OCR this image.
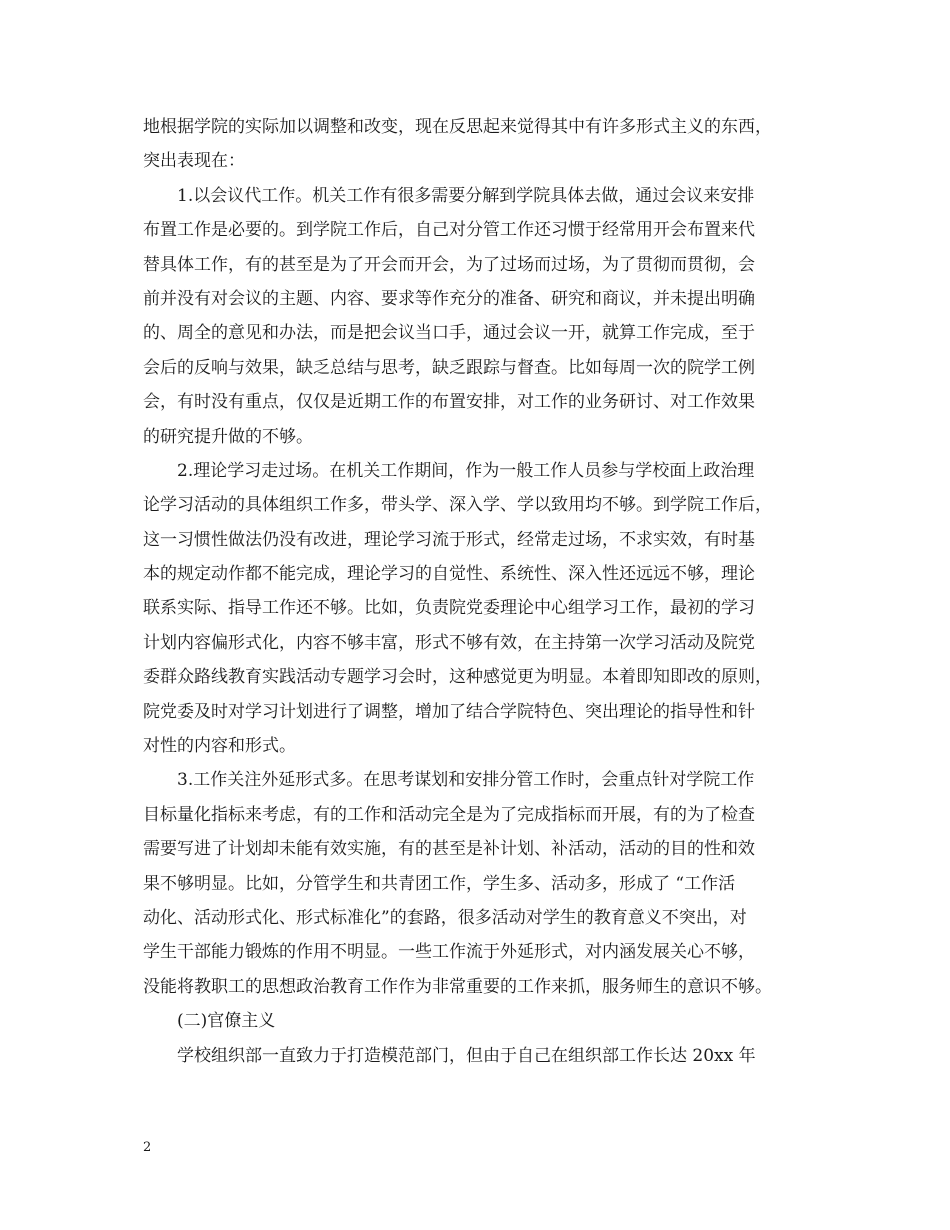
地根据学院的实际加以调整和改变，现在反思起来觉得其中有许多形式主义的东西，
突出表现在：
1.以会议代工作。机关工作有很多需要分解到学院具体去做，通过会议来安排
布置工作是必要的。到学院工作后，自己对分管工作还习惯于经常用开会布置来代
替具体工作，有的甚至是为了开会而开会，为了过场而过场，为了贯彻而贯彻，会
前并没有对会议的主题、内容、要求等作充分的准备、研究和商议，并未提出明确
的、周全的意见和办法，而是把会议当口手，通过会议一开，就算工作完成，至于
会后的反响与效果，缺乏总结与思考，缺乏跟踪与督查。比如每周一次的院学工例
会，有时没有重点，仅仅是近期工作的布置安排，对工作的业务研讨、对工作效果
的研究提升做的不够。
2.理论学习走过场。在机关工作期间，作为一般工作人员参与学校面上政治理
论学习活动的具体组织工作多，带头学、深入学、学以致用均不够。到学院工作后，
这一习惯性做法仍没有改进，理论学习流于形式，经常走过场，不求实效，有时基
本的规定动作都不能完成，理论学习的自觉性、系统性、深入性还远远不够，理论
联系实际、指导工作还不够。比如，负责院党委理论中心组学习工作，最初的学习
计划内容偏形式化，内容不够丰富，形式不够有效，在主持第一次学习活动及院党
委群众路线教育实践活动专题学习会时，这种感觉更为明显。本着即知即改的原则，
院党委及时对学习计划进行了调整，增加了结合学院特色、突出理论的指导性和针
对性的内容和形式。
3.工作关注外延形式多。在思考谋划和安排分管工作时，会重点针对学院工作
目标量化指标来考虑，有的工作和活动完全是为了完成指标而开展，有的为了检查
需要写进了计划却未能有效实施，有的甚至是补计划、补活动，活动的目的性和效
果不够明显。比如，分管学生和共青团工作，学生多、活动多，形成了 “工作活
动化、活动形式化、形式标准化”的套路，很多活动对学生的教育意义不突出，对
学生干部能力锻炼的作用不明显。一些工作流于外延形式，对内涵发展关心不够，
没能将教职工的思想政治教育工作作为非常重要的工作来抓，服务师生的意识不够。
(二)官僚主义
学校组织部一直致力于打造模范部门，但由于自己在组织部工作长达 20xx 年
2
